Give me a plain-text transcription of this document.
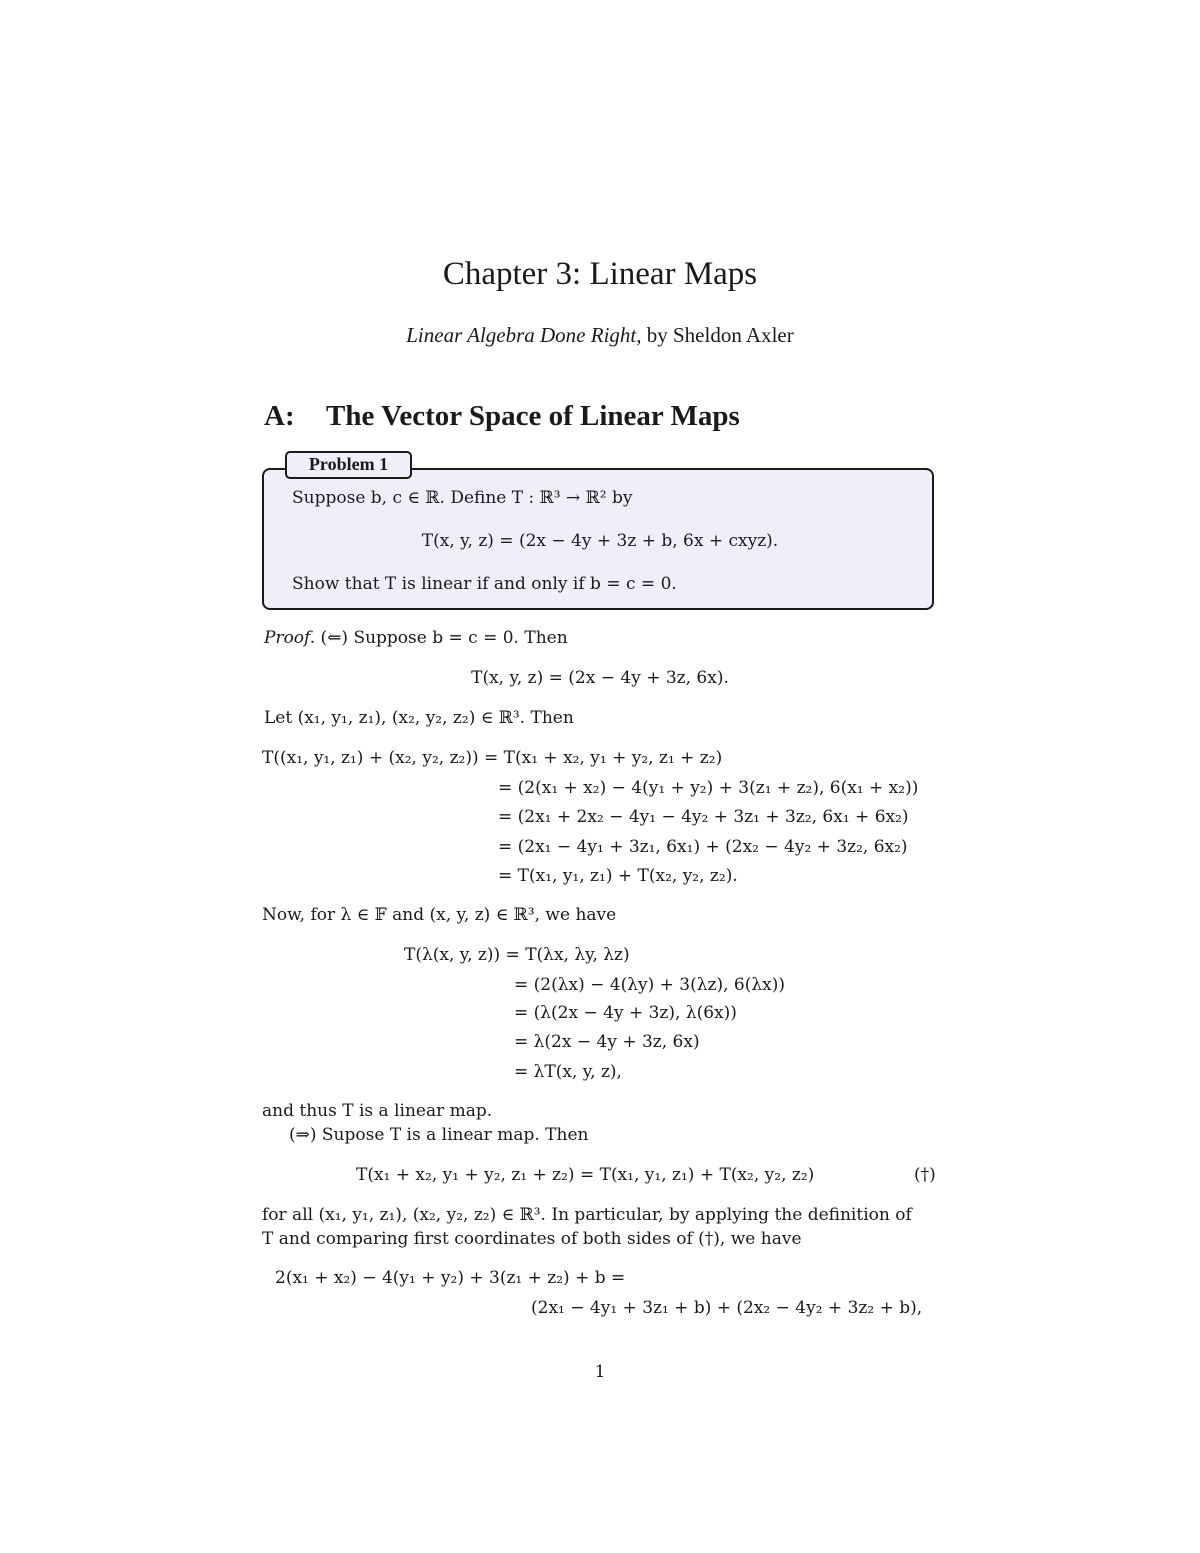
Chapter 3: Linear Maps
Linear Algebra Done Right, by Sheldon Axler
A: The Vector Space of Linear Maps
Problem 1
Suppose b, c ∈ ℝ. Define T : ℝ³ → ℝ² by
T(x, y, z) = (2x − 4y + 3z + b, 6x + cxyz).
Show that T is linear if and only if b = c = 0.
Proof. (⇐) Suppose b = c = 0. Then
T(x, y, z) = (2x − 4y + 3z, 6x).
Let (x₁, y₁, z₁), (x₂, y₂, z₂) ∈ ℝ³. Then
T((x₁, y₁, z₁) + (x₂, y₂, z₂)) = T(x₁ + x₂, y₁ + y₂, z₁ + z₂)
= (2(x₁ + x₂) − 4(y₁ + y₂) + 3(z₁ + z₂), 6(x₁ + x₂))
= (2x₁ + 2x₂ − 4y₁ − 4y₂ + 3z₁ + 3z₂, 6x₁ + 6x₂)
= (2x₁ − 4y₁ + 3z₁, 6x₁) + (2x₂ − 4y₂ + 3z₂, 6x₂)
= T(x₁, y₁, z₁) + T(x₂, y₂, z₂).
Now, for λ ∈ 𝔽 and (x, y, z) ∈ ℝ³, we have
T(λ(x, y, z)) = T(λx, λy, λz)
= (2(λx) − 4(λy) + 3(λz), 6(λx))
= (λ(2x − 4y + 3z), λ(6x))
= λ(2x − 4y + 3z, 6x)
= λT(x, y, z),
and thus T is a linear map.
(⇒) Supose T is a linear map. Then
T(x₁ + x₂, y₁ + y₂, z₁ + z₂) = T(x₁, y₁, z₁) + T(x₂, y₂, z₂)	(†)
for all (x₁, y₁, z₁), (x₂, y₂, z₂) ∈ ℝ³. In particular, by applying the definition of
T and comparing first coordinates of both sides of (†), we have
2(x₁ + x₂) − 4(y₁ + y₂) + 3(z₁ + z₂) + b =
(2x₁ − 4y₁ + 3z₁ + b) + (2x₂ − 4y₂ + 3z₂ + b),
1
